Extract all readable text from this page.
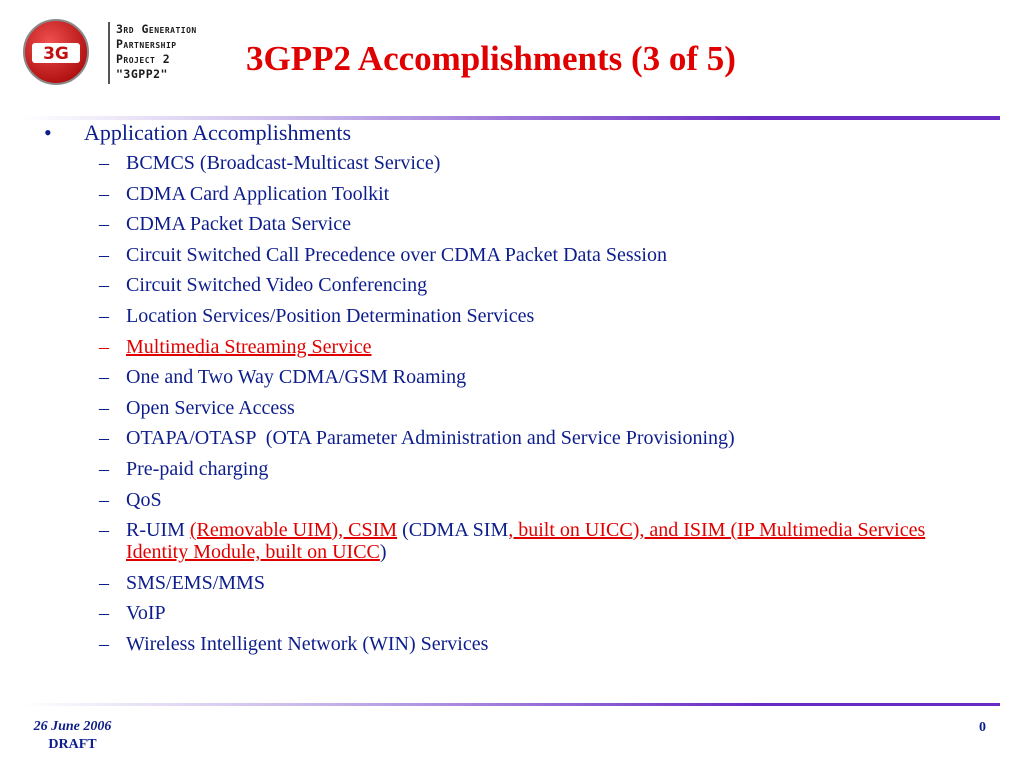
3G
3rd Generation
Partnership
Project 2
"3GPP2"	3GPP2 Accomplishments (3 of 5)
•	Application Accomplishments
– BCMCS (Broadcast-Multicast Service)
– CDMA Card Application Toolkit
– CDMA Packet Data Service
– Circuit Switched Call Precedence over CDMA Packet Data Session
– Circuit Switched Video Conferencing
– Location Services/Position Determination Services
– Multimedia Streaming Service
– One and Two Way CDMA/GSM Roaming
– Open Service Access
– OTAPA/OTASP  (OTA Parameter Administration and Service Provisioning)
– Pre-paid charging
– QoS
– R-UIM (Removable UIM), CSIM (CDMA SIM, built on UICC), and ISIM (IP Multimedia Services Identity Module, built on UICC)
– SMS/EMS/MMS
– VoIP
– Wireless Intelligent Network (WIN) Services
26 June 2006
DRAFT
0
